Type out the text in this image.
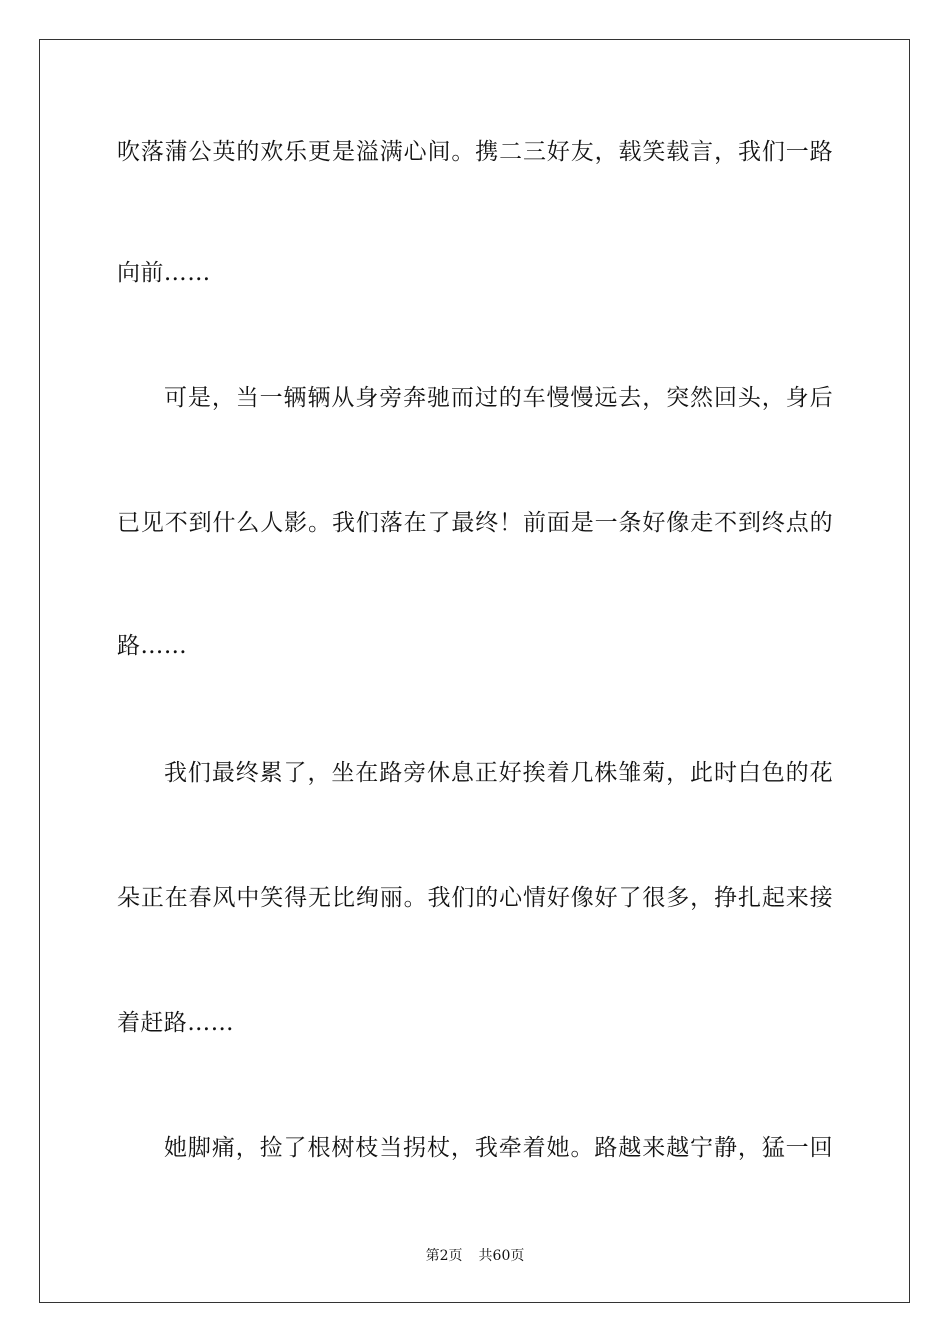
吹落蒲公英的欢乐更是溢满心间。携二三好友，载笑载言，我们一路
向前……
可是，当一辆辆从身旁奔驰而过的车慢慢远去，突然回头，身后
已见不到什么人影。我们落在了最终！前面是一条好像走不到终点的
路……
我们最终累了，坐在路旁休息正好挨着几株雏菊，此时白色的花
朵正在春风中笑得无比绚丽。我们的心情好像好了很多，挣扎起来接
着赶路……
她脚痛，捡了根树枝当拐杖，我牵着她。路越来越宁静，猛一回
第2页 共60页
